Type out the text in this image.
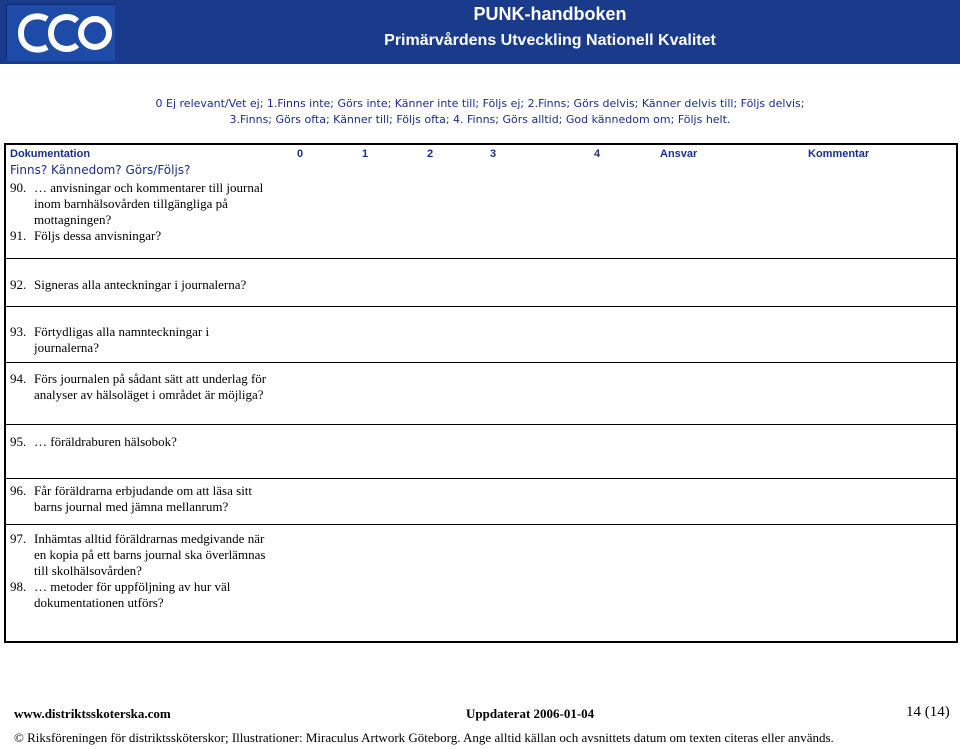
PUNK-handboken
Primärvårdens Utveckling Nationell Kvalitet
0 Ej relevant/Vet ej; 1.Finns inte; Görs inte; Känner inte till; Följs ej; 2.Finns; Görs delvis; Känner delvis till; Följs delvis;
3.Finns; Görs ofta; Känner till; Följs ofta; 4. Finns; Görs alltid; God kännedom om; Följs helt.
Dokumentation
Finns? Kännedom? Görs/Följs?
0	1	2	3	4	Ansvar	Kommentar
90. … anvisningar och kommentarer till journal inom barnhälsovården tillgängliga på mottagningen?
91. Följs dessa anvisningar?
92. Signeras alla anteckningar i journalerna?
93. Förtydligas alla namnteckningar i journalerna?
94. Förs journalen på sådant sätt att underlag för analyser av hälsoläget i området är möjliga?
95. … föräldraburen hälsobok?
96. Får föräldrarna erbjudande om att läsa sitt barns journal med jämna mellanrum?
97. Inhämtas alltid föräldrarnas medgivande när en kopia på ett barns journal ska överlämnas till skolhälsovården?
98. … metoder för uppföljning av hur väl dokumentationen utförs?
www.distriktsskoterska.com	Uppdaterat 2006-01-04	14 (14)
© Riksföreningen för distriktssköterskor; Illustrationer: Miraculus Artwork Göteborg. Ange alltid källan och avsnittets datum om texten citeras eller används.
